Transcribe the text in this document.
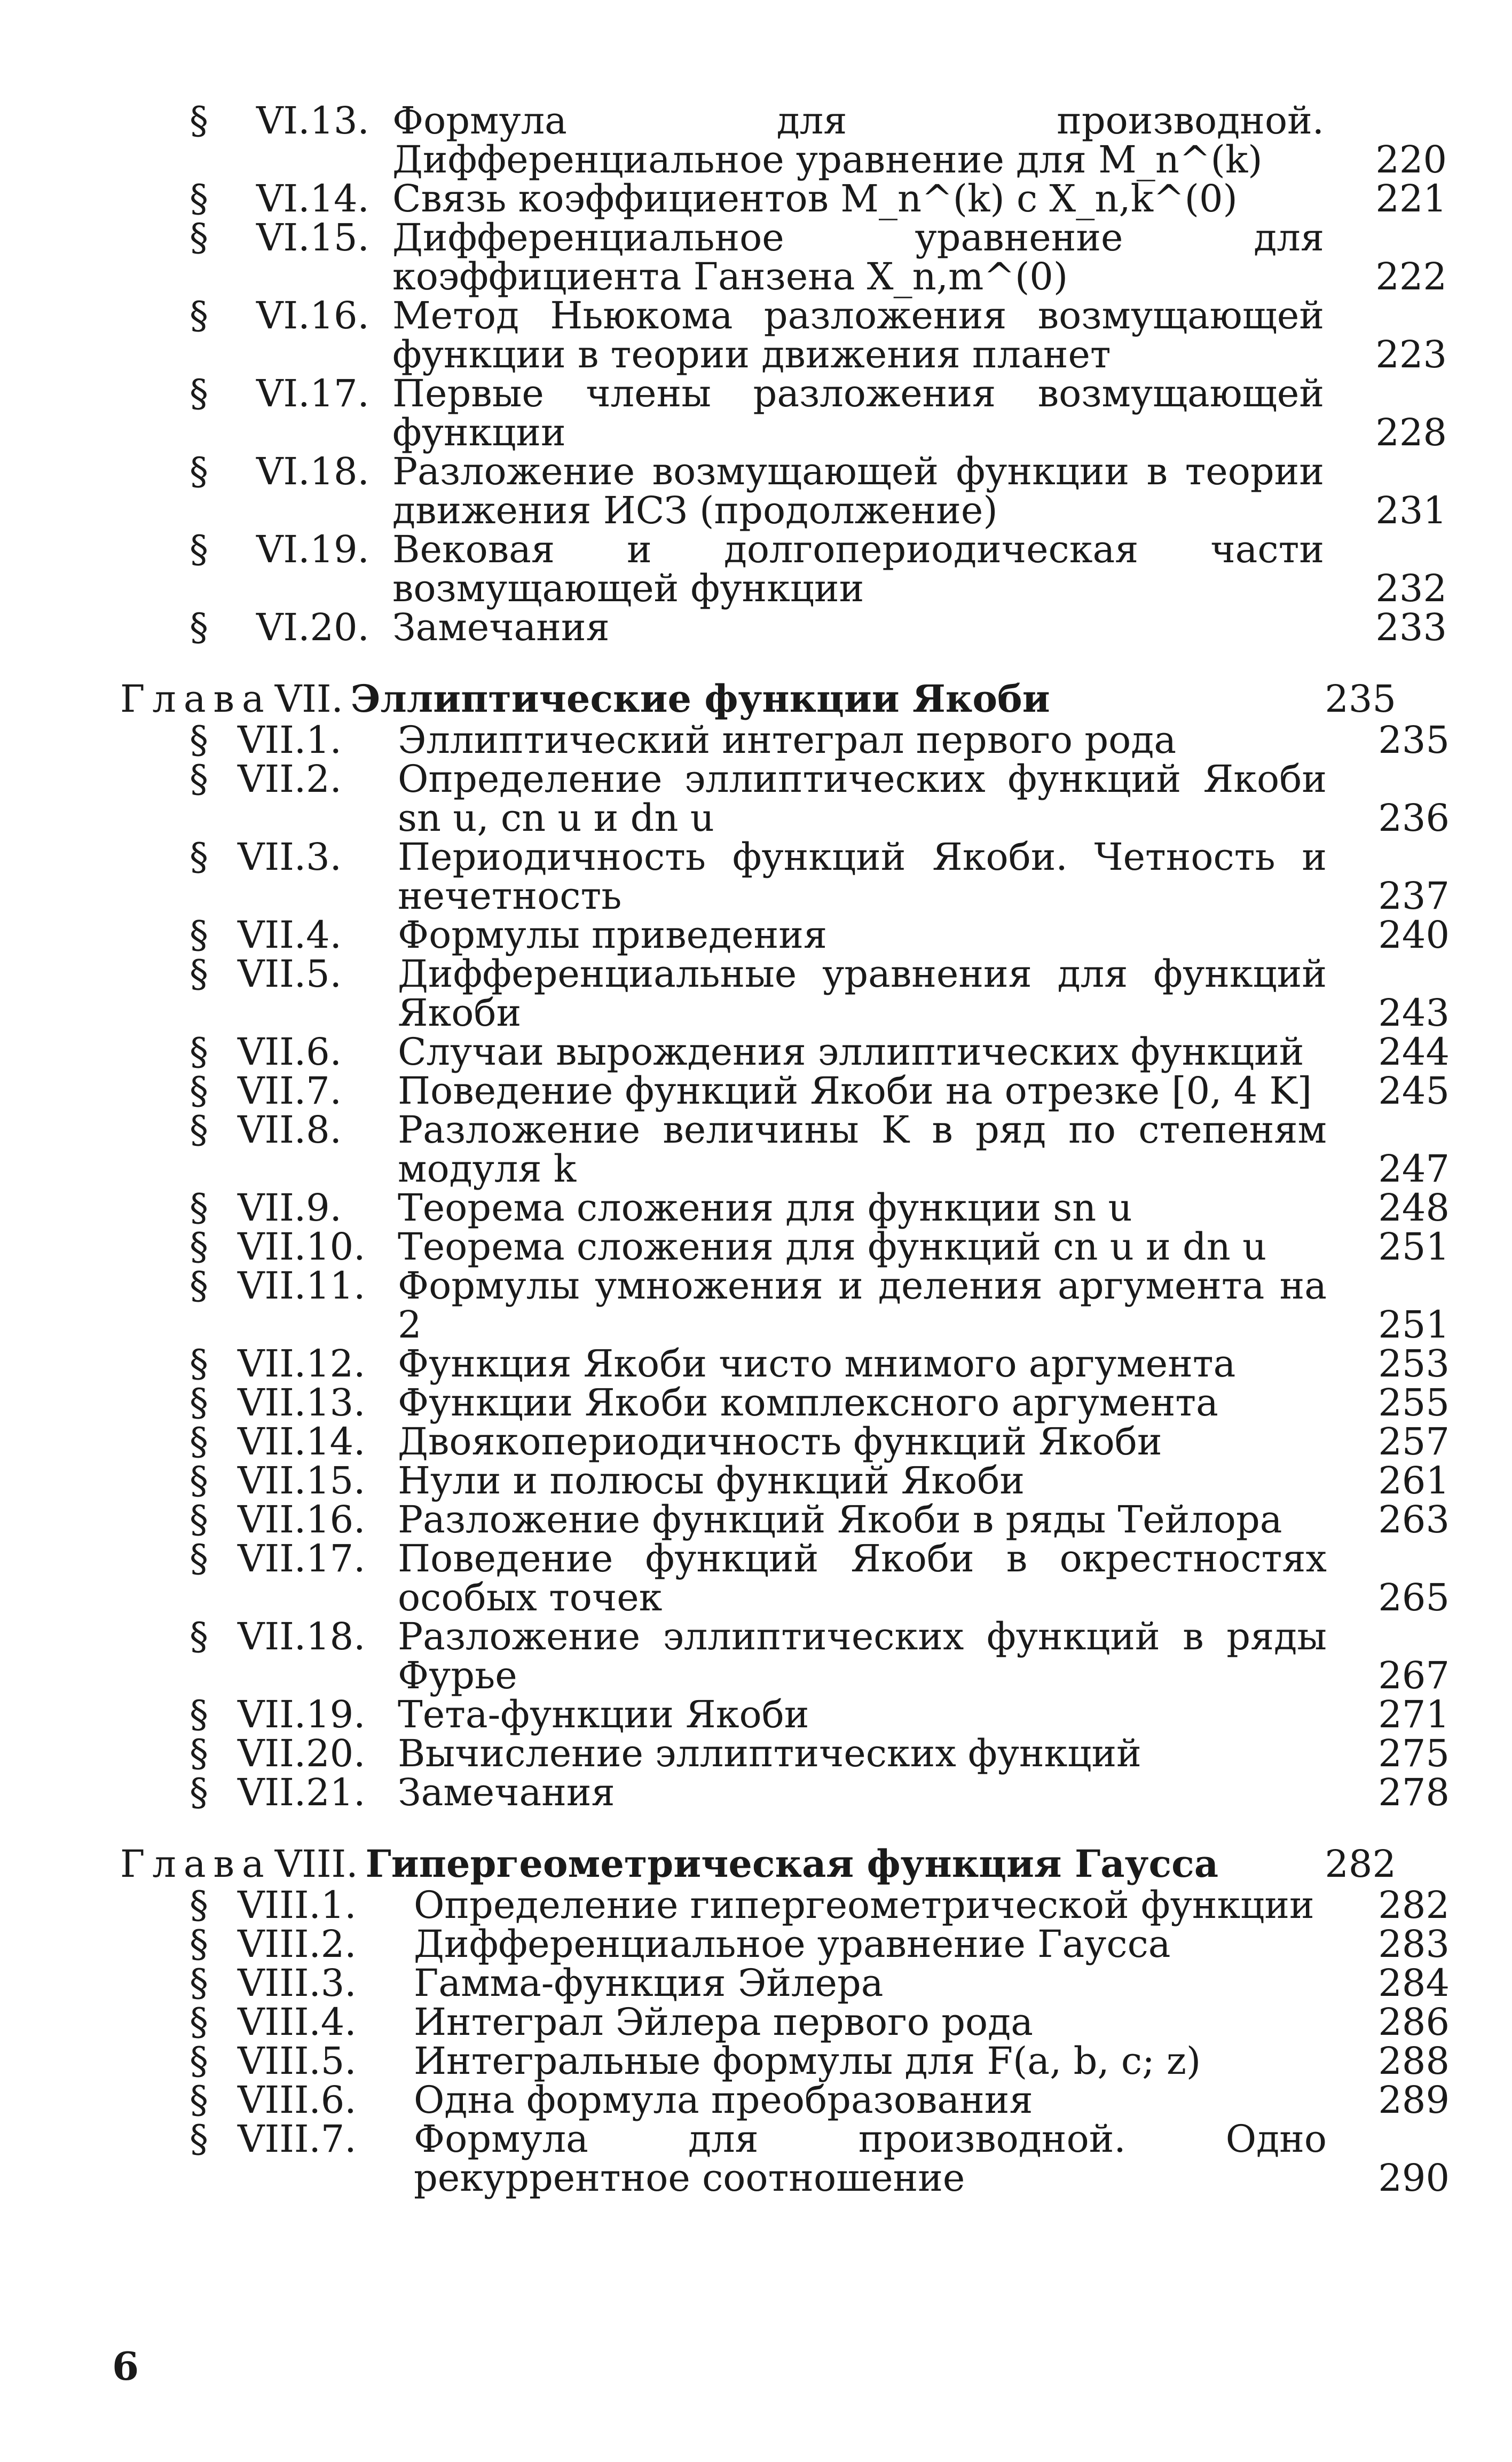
§	VI.13. Формула для производной. Дифференциальное уравнение для M_n^(k)	220
§	VI.14. Связь коэффициентов M_n^(k) с X_n,k^(0)	221
§	VI.15. Дифференциальное уравнение для коэффициента Ганзена X_n,m^(0)	222
§	VI.16. Метод Ньюкома разложения возмущающей функции в теории движения планет	223
§	VI.17. Первые члены разложения возмущающей функции	228
§	VI.18. Разложение возмущающей функции в теории движения ИСЗ (продолжение)	231
§	VI.19. Вековая и долгопериодическая части возмущающей функции	232
§	VI.20. Замечания	233
ГлаваVII. Эллиптические функции Якоби	235
§ VII.1.	Эллиптический интеграл первого рода	235
§ VII.2.	Определение эллиптических функций Якоби sn u, cn u и dn u	236
§ VII.3.	Периодичность функций Якоби. Четность и нечетность	237
§ VII.4.	Формулы приведения	240
§ VII.5.	Дифференциальные уравнения для функций Якоби	243
§ VII.6.	Случаи вырождения эллиптических функций	244
§ VII.7.	Поведение функций Якоби на отрезке [0, 4 K]	245
§ VII.8.	Разложение величины K в ряд по степеням модуля k	247
§ VII.9.	Теорема сложения для функции sn u	248
§ VII.10. Теорема сложения для функций cn u и dn u	251
§ VII.11. Формулы умножения и деления аргумента на 2	251
§ VII.12. Функция Якоби чисто мнимого аргумента	253
§ VII.13. Функции Якоби комплексного аргумента	255
§ VII.14. Двоякопериодичность функций Якоби	257
§ VII.15. Нули и полюсы функций Якоби	261
§ VII.16. Разложение функций Якоби в ряды Тейлора	263
§ VII.17. Поведение функций Якоби в окрестностях особых точек	265
§ VII.18. Разложение эллиптических функций в ряды Фурье	267
§ VII.19. Тета-функции Якоби	271
§ VII.20. Вычисление эллиптических функций	275
§ VII.21. Замечания	278
ГлаваVIII. Гипергеометрическая функция Гаусса	282
§ VIII.1.	Определение гипергеометрической функции	282
§ VIII.2.	Дифференциальное уравнение Гаусса	283
§ VIII.3.	Гамма-функция Эйлера	284
§ VIII.4.	Интеграл Эйлера первого рода	286
§ VIII.5.	Интегральные формулы для F(a, b, c; z)	288
§ VIII.6.	Одна формула преобразования	289
§ VIII.7.	Формула для производной. Одно рекуррентное соотношение	290
6
